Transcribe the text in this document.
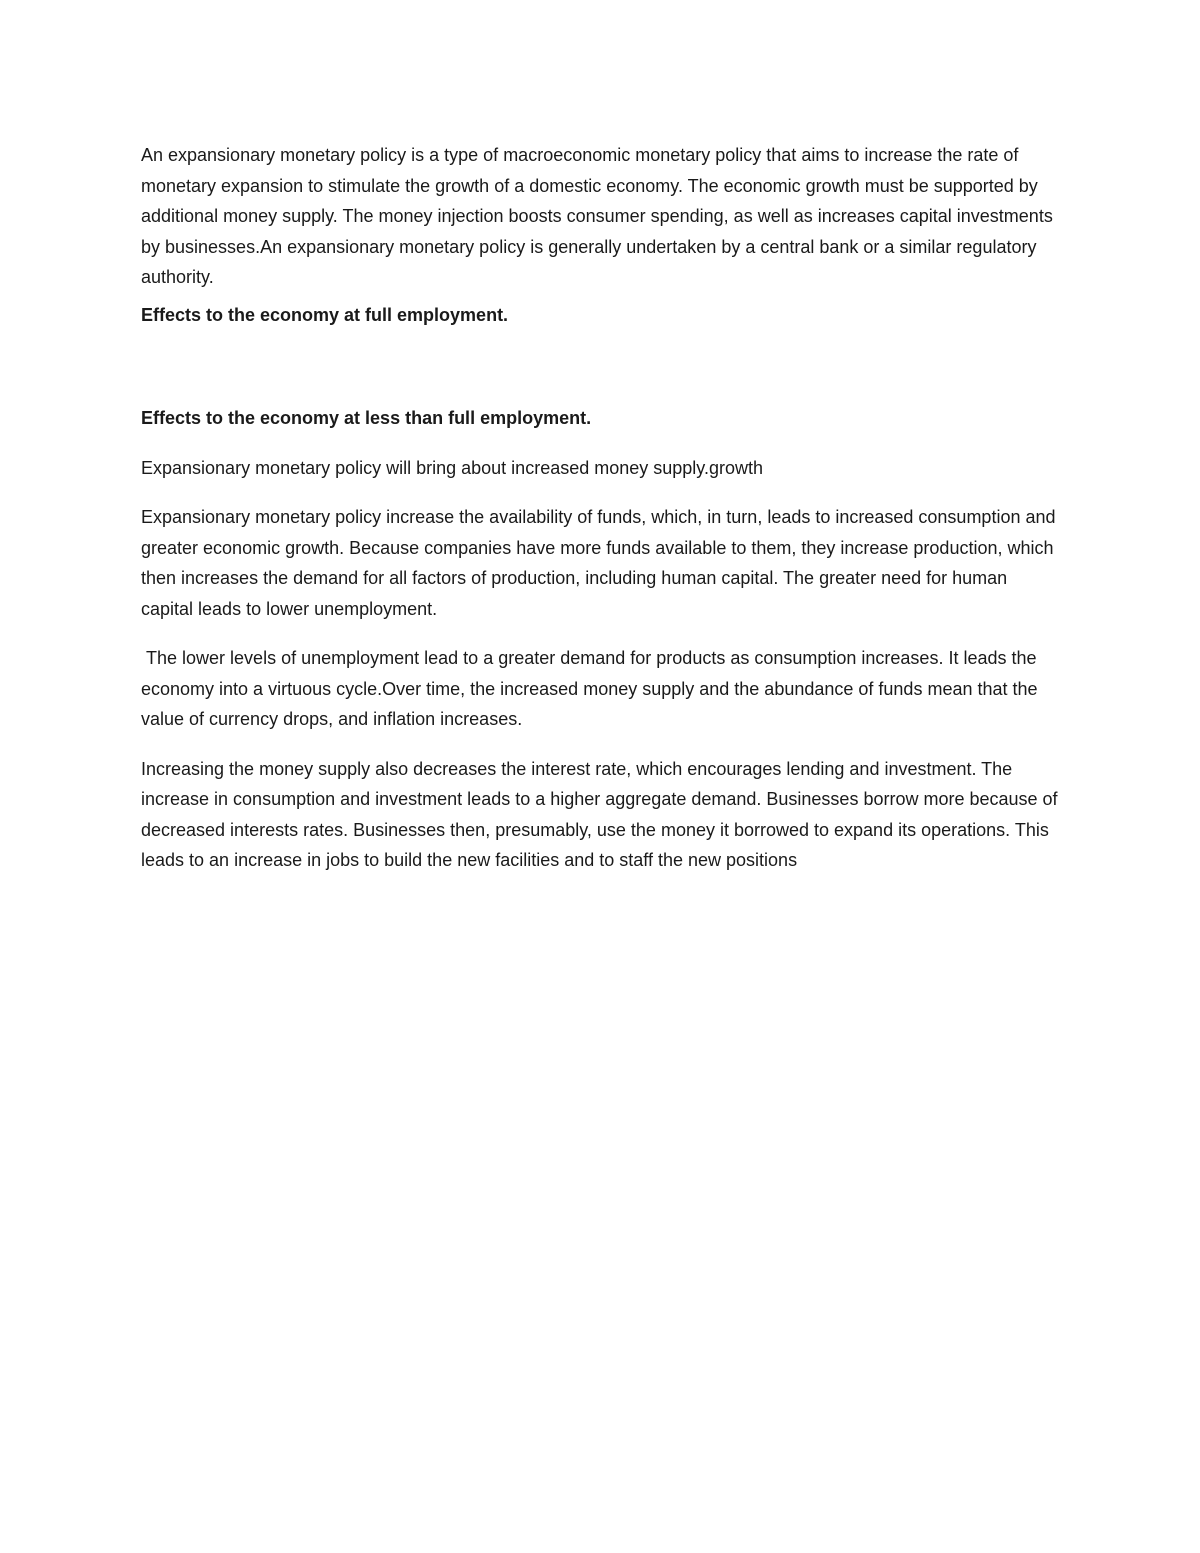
An expansionary monetary policy is a type of macroeconomic monetary policy that aims to increase the rate of monetary expansion to stimulate the growth of a domestic economy. The economic growth must be supported by additional money supply. The money injection boosts consumer spending, as well as increases capital investments by businesses.An expansionary monetary policy is generally undertaken by a central bank or a similar regulatory authority.

Effects to the economy at full employment.

Effects to the economy at less than full employment.

Expansionary monetary policy will bring about increased money supply.growth

Expansionary monetary policy increase the availability of funds, which, in turn, leads to increased consumption and greater economic growth. Because companies have more funds available to them, they increase production, which then increases the demand for all factors of production, including human capital. The greater need for human capital leads to lower unemployment.

The lower levels of unemployment lead to a greater demand for products as consumption increases. It leads the economy into a virtuous cycle.Over time, the increased money supply and the abundance of funds mean that the value of currency drops, and inflation increases.

Increasing the money supply also decreases the interest rate, which encourages lending and investment. The increase in consumption and investment leads to a higher aggregate demand. Businesses borrow more because of decreased interests rates. Businesses then, presumably, use the money it borrowed to expand its operations. This leads to an increase in jobs to build the new facilities and to staff the new positions
